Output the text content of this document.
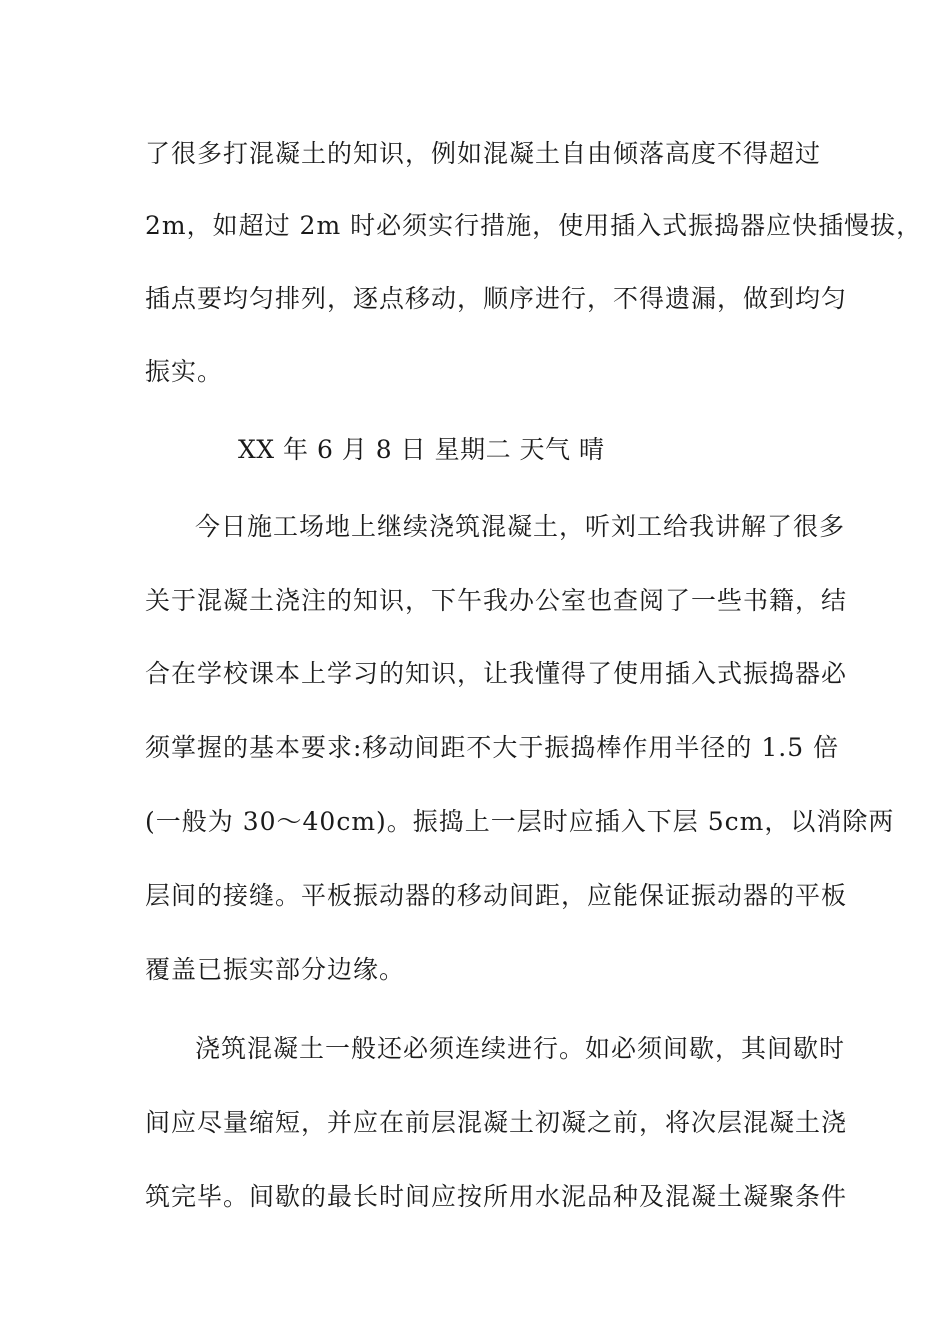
了很多打混凝土的知识，例如混凝土自由倾落高度不得超过
2m，如超过 2m 时必须实行措施，使用插入式振捣器应快插慢拔，
插点要均匀排列，逐点移动，顺序进行，不得遗漏，做到均匀
振实。
XX 年 6 月 8 日 星期二 天气 晴
今日施工场地上继续浇筑混凝土，听刘工给我讲解了很多
关于混凝土浇注的知识，下午我办公室也查阅了一些书籍，结
合在学校课本上学习的知识，让我懂得了使用插入式振捣器必
须掌握的基本要求:移动间距不大于振捣棒作用半径的 1.5 倍
(一般为 30～40cm)。振捣上一层时应插入下层 5cm，以消除两
层间的接缝。平板振动器的移动间距，应能保证振动器的平板
覆盖已振实部分边缘。
浇筑混凝土一般还必须连续进行。如必须间歇，其间歇时
间应尽量缩短，并应在前层混凝土初凝之前，将次层混凝土浇
筑完毕。间歇的最长时间应按所用水泥品种及混凝土凝聚条件
